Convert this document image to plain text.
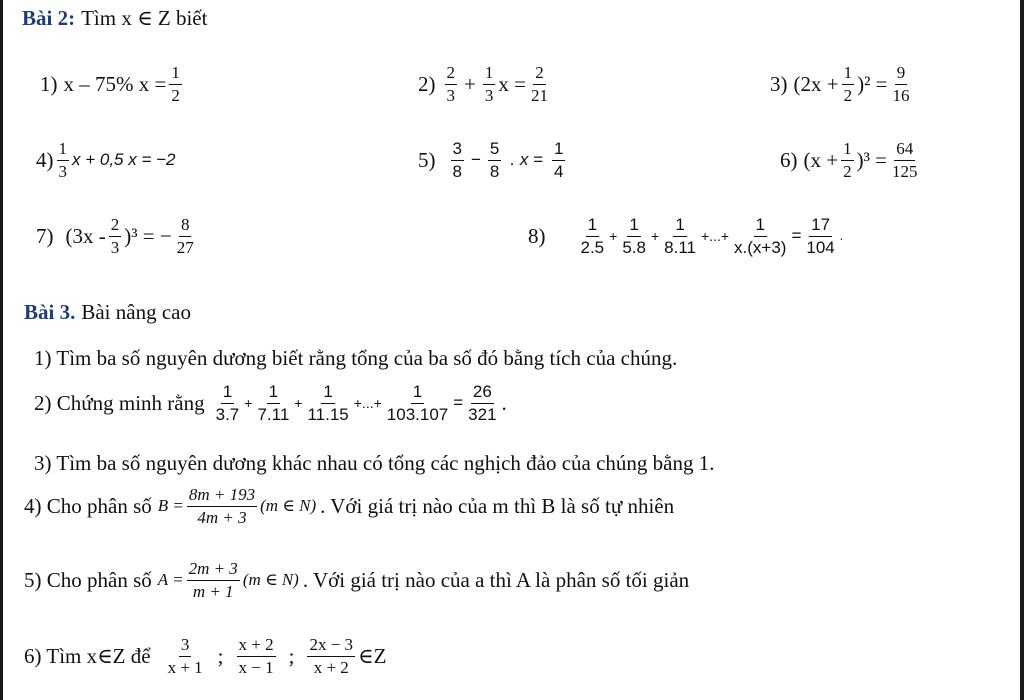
Bài 2: Tìm x ∈ Z biết
1) x – 75% $x = \frac{1}{2}$	$2) \frac{2}{3} + \frac{1}{3}$ $x = \frac{2}{21}$	3) $(2x + \frac{1}{2} )^2 = \frac{9}{16}$
$4) \frac{1}{3}$ x + 0,5 x = −2	$5) \frac{3}{8} - \frac{5}{8}$ . $x = \frac{1}{4}$	6) $(x + \frac{1}{2} )^3 = \frac{64}{125}$
7) $(3x - \frac{2}{3} )^3$ = − $\frac{8}{27}$	$8) \frac{1}{2.5} + \frac{1}{5.8} + \frac{1}{8.11}$ +...+ $\frac{1}{x.(x+3)} = \frac{17}{104}$ .
Bài 3. Bài nâng cao
1) Tìm ba số nguyên dương biết rằng tổng của ba số đó bằng tích của chúng.
2) Chứng minh rằng $\frac{1}{3.7} + \frac{1}{7.11} + \frac{1}{11.15}$ +...+ $\frac{1}{103.107} = \frac{26}{321}$ .
3) Tìm ba số nguyên dương khác nhau có tổng các nghịch đảo của chúng bằng 1.
4) Cho phân số $B = \frac{8m + 193}{4m + 3} (m$ ∈ N) . Với giá trị nào của m thì B là số tự nhiên
5) Cho phân số $A = \frac{2m + 3}{m + 1} (m$ ∈ N) . Với giá trị nào của a thì A là phân số tối giản
6) Tìm x∈Z để $\frac{3}{x + 1}$ ; $\frac{x + 2}{x - 1}$ ; $\frac{2x - 3}{x + 2}$ ∈Z
